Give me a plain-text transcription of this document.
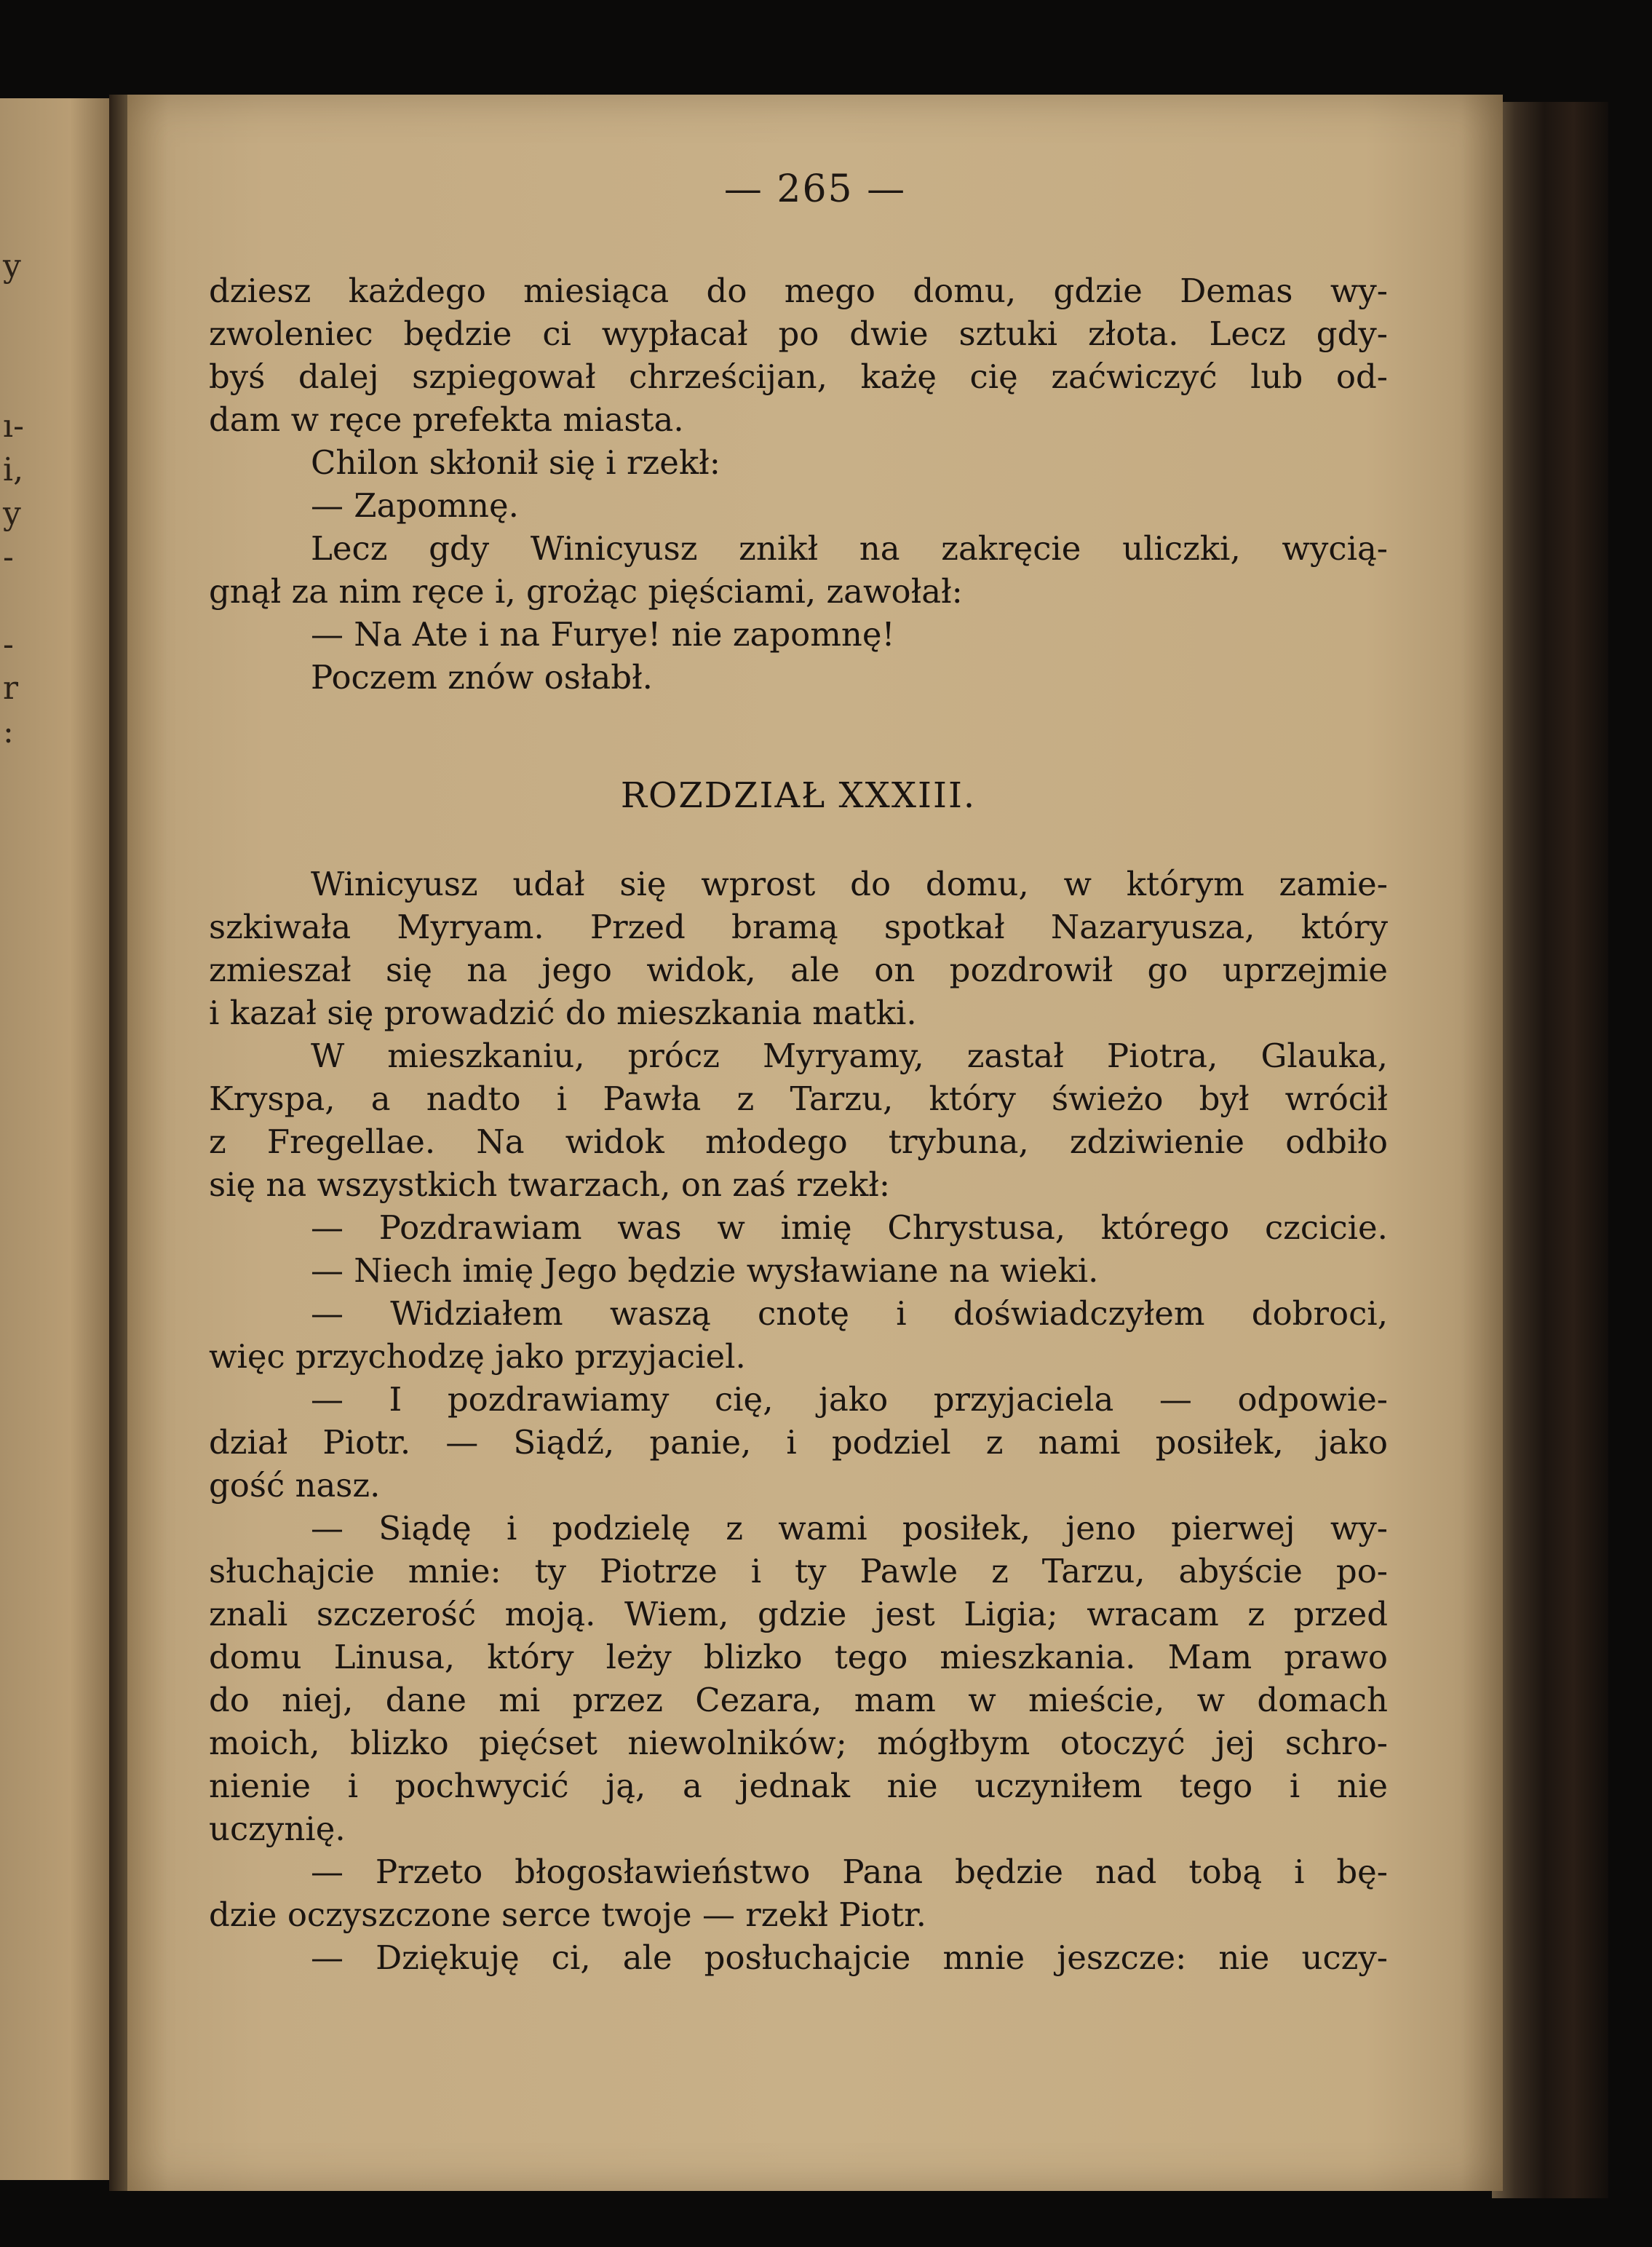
y
ı-
i,
y
-
-
r
:
— 265 —
dziesz każdego miesiąca do mego domu, gdzie Demas wy-
zwoleniec będzie ci wypłacał po dwie sztuki złota. Lecz gdy-
byś dalej szpiegował chrześcijan, każę cię zaćwiczyć lub od-
dam w ręce prefekta miasta.
Chilon skłonił się i rzekł:
— Zapomnę.
Lecz gdy Winicyusz znikł na zakręcie uliczki, wycią-
gnął za nim ręce i, grożąc pięściami, zawołał:
— Na Ate i na Furye! nie zapomnę!
Poczem znów osłabł.
ROZDZIAŁ XXXIII.
Winicyusz udał się wprost do domu, w którym zamie-
szkiwała Myryam. Przed bramą spotkał Nazaryusza, który
zmieszał się na jego widok, ale on pozdrowił go uprzejmie
i kazał się prowadzić do mieszkania matki.
W mieszkaniu, prócz Myryamy, zastał Piotra, Glauka,
Kryspa, a nadto i Pawła z Tarzu, który świeżo był wrócił
z Fregellae. Na widok młodego trybuna, zdziwienie odbiło
się na wszystkich twarzach, on zaś rzekł:
— Pozdrawiam was w imię Chrystusa, którego czcicie.
— Niech imię Jego będzie wysławiane na wieki.
— Widziałem waszą cnotę i doświadczyłem dobroci,
więc przychodzę jako przyjaciel.
— I pozdrawiamy cię, jako przyjaciela — odpowie-
dział Piotr. — Siądź, panie, i podziel z nami posiłek, jako
gość nasz.
— Siądę i podzielę z wami posiłek, jeno pierwej wy-
słuchajcie mnie: ty Piotrze i ty Pawle z Tarzu, abyście po-
znali szczerość moją. Wiem, gdzie jest Ligia; wracam z przed
domu Linusa, który leży blizko tego mieszkania. Mam prawo
do niej, dane mi przez Cezara, mam w mieście, w domach
moich, blizko pięćset niewolników; mógłbym otoczyć jej schro-
nienie i pochwycić ją, a jednak nie uczyniłem tego i nie
uczynię.
— Przeto błogosławieństwo Pana będzie nad tobą i bę-
dzie oczyszczone serce twoje — rzekł Piotr.
— Dziękuję ci, ale posłuchajcie mnie jeszcze: nie uczy-
